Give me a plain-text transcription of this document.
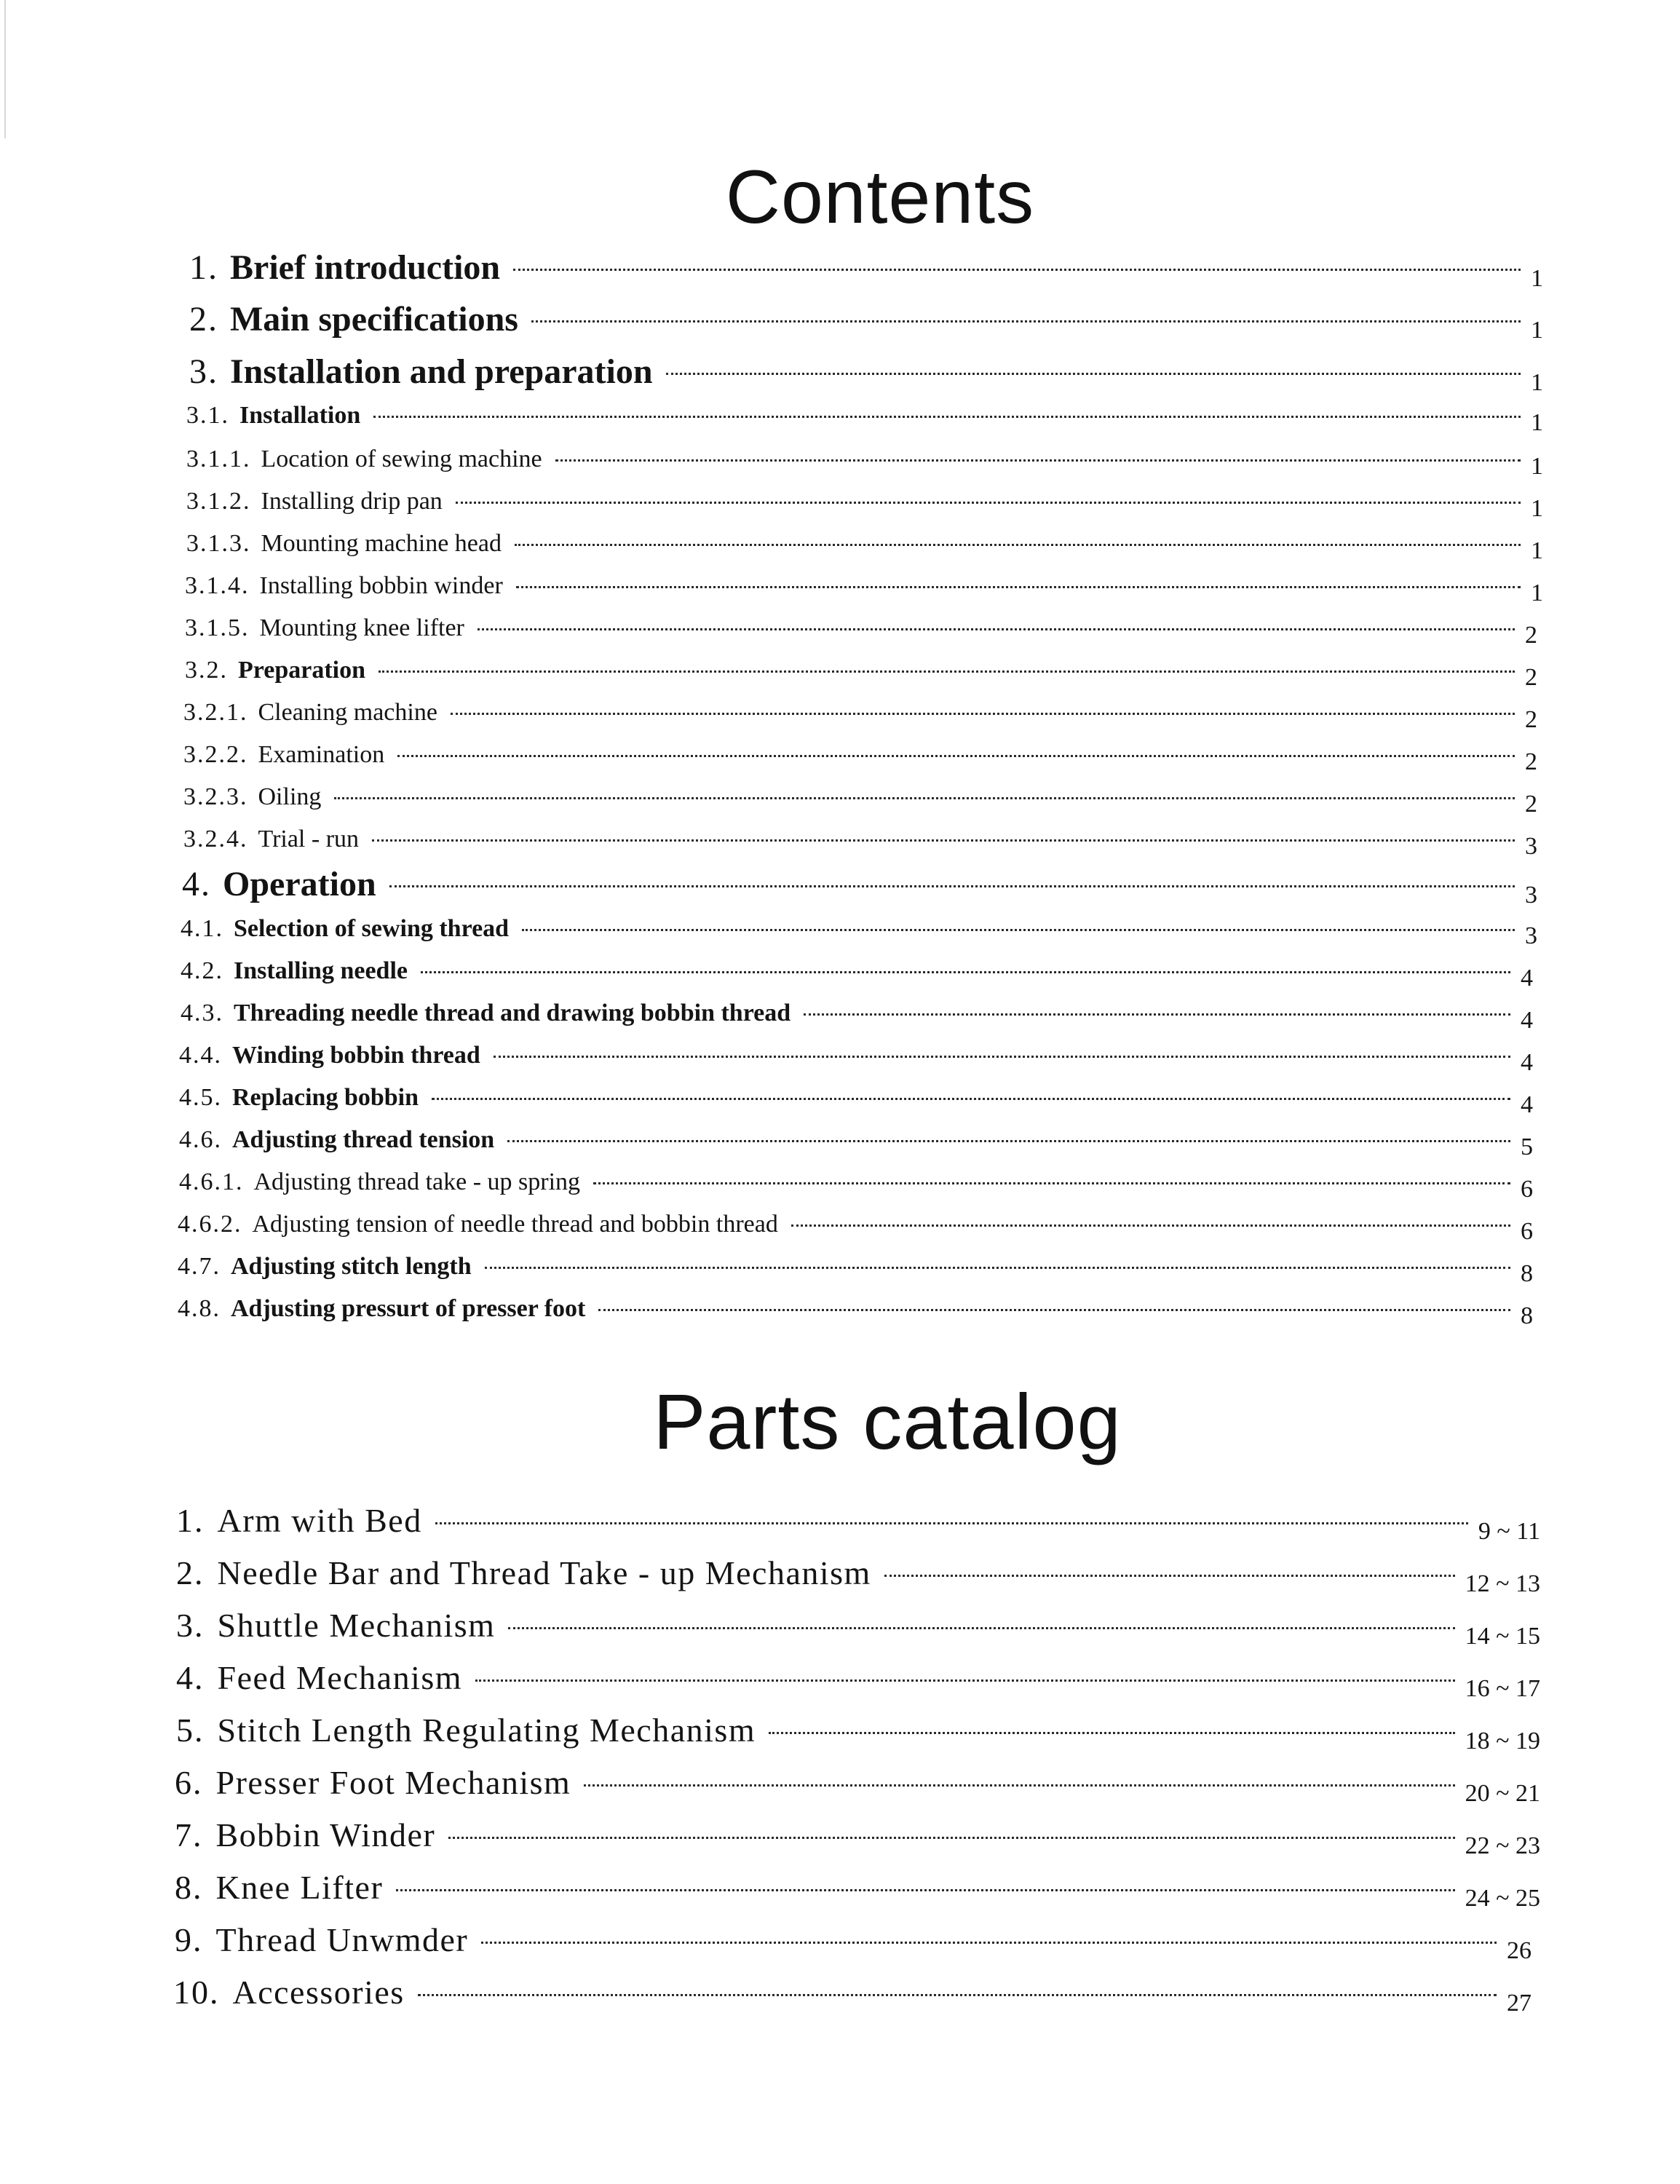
Contents
1. Brief introduction	1
2. Main specifications	1
3. Installation and preparation	1
3.1. Installation	1
3.1.1. Location of sewing machine	1
3.1.2. Installing drip pan	1
3.1.3. Mounting machine head	1
3.1.4. Installing bobbin winder	1
3.1.5. Mounting knee lifter	2
3.2. Preparation	2
3.2.1. Cleaning machine	2
3.2.2. Examination	2
3.2.3. Oiling	2
3.2.4. Trial - run	3
4. Operation	3
4.1. Selection of sewing thread	3
4.2. Installing needle	4
4.3. Threading needle thread and drawing bobbin thread	4
4.4. Winding bobbin thread	4
4.5. Replacing bobbin	4
4.6. Adjusting thread tension	5
4.6.1. Adjusting thread take - up spring	6
4.6.2. Adjusting tension of needle thread and bobbin thread	6
4.7. Adjusting stitch length	8
4.8. Adjusting pressurt of presser foot	8
Parts catalog
1. Arm with Bed	9 ~ 11
2. Needle Bar and Thread Take - up Mechanism	12 ~ 13
3. Shuttle Mechanism	14 ~ 15
4. Feed Mechanism	16 ~ 17
5. Stitch Length Regulating Mechanism	18 ~ 19
6. Presser Foot Mechanism	20 ~ 21
7. Bobbin Winder	22 ~ 23
8. Knee Lifter	24 ~ 25
9. Thread Unwmder	26
10. Accessories	27
